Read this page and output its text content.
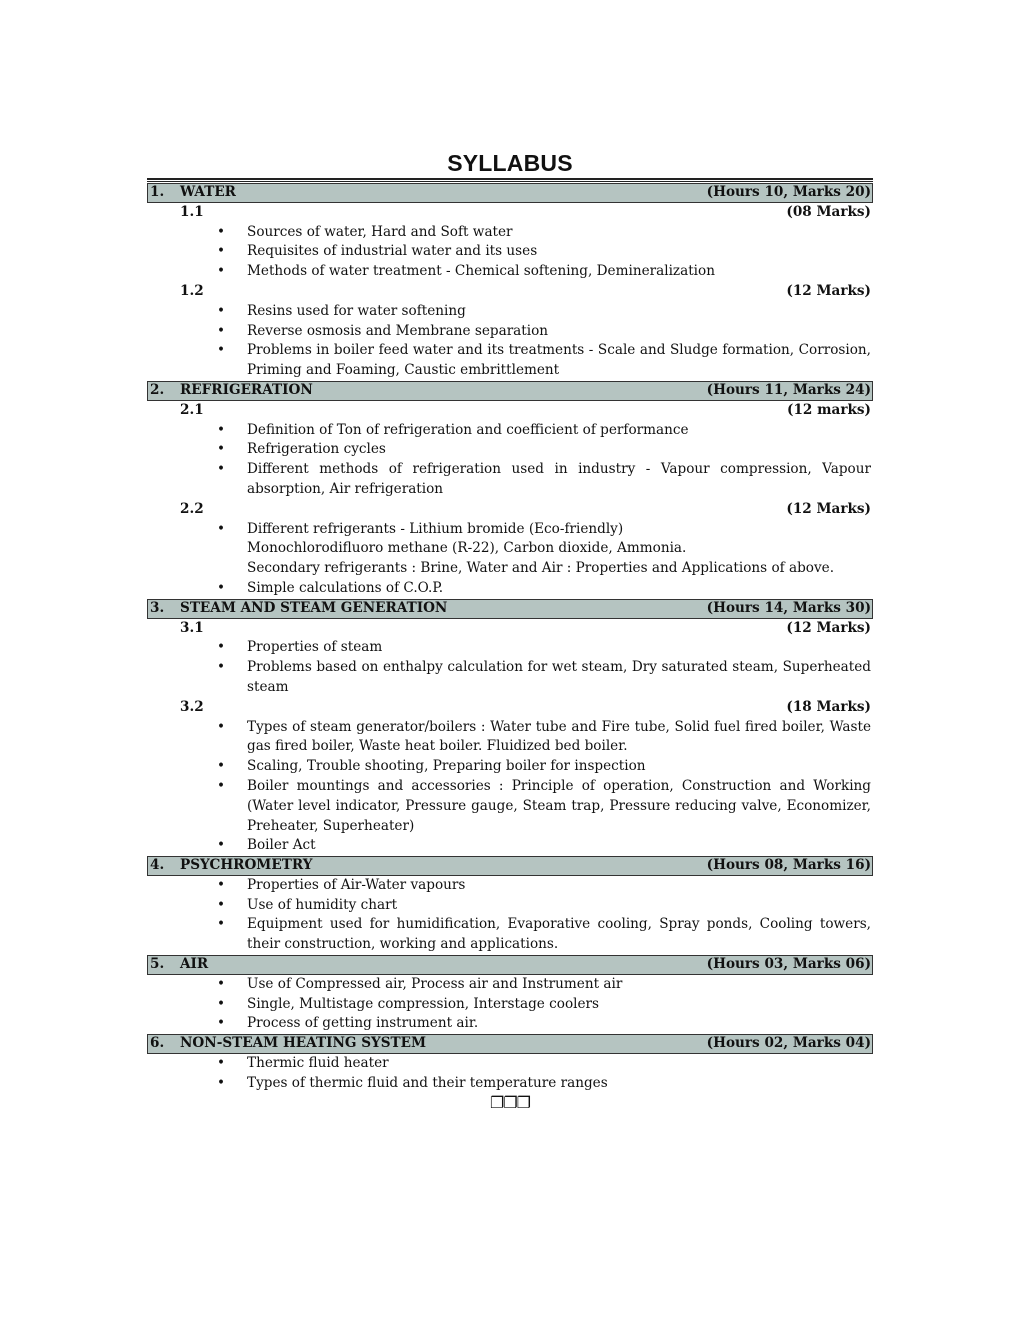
SYLLABUS
1. WATER	(Hours 10, Marks 20)
1.1	(08 Marks)
• Sources of water, Hard and Soft water

• Requisites of industrial water and its uses

• Methods of water treatment - Chemical softening, Demineralization

1.2	(12 Marks)
• Resins used for water softening

• Reverse osmosis and Membrane separation

• Problems in boiler feed water and its treatments - Scale and Sludge formation, Corrosion, Priming and Foaming, Caustic embrittlement

2. REFRIGERATION	(Hours 11, Marks 24)
2.1	(12 marks)
• Definition of Ton of refrigeration and coefficient of performance

• Refrigeration cycles

• Different methods of refrigeration used in industry - Vapour compression, Vapour absorption, Air refrigeration

2.2	(12 Marks)
• Different refrigerants - Lithium bromide (Eco-friendly)

Monochlorodifluoro methane (R-22), Carbon dioxide, Ammonia.

Secondary refrigerants : Brine, Water and Air : Properties and Applications of above.

• Simple calculations of C.O.P.

3. STEAM AND STEAM GENERATION	(Hours 14, Marks 30)
3.1	(12 Marks)
• Properties of steam

• Problems based on enthalpy calculation for wet steam, Dry saturated steam, Superheated steam

3.2	(18 Marks)
• Types of steam generator/boilers : Water tube and Fire tube, Solid fuel fired boiler, Waste gas fired boiler, Waste heat boiler. Fluidized bed boiler.

• Scaling, Trouble shooting, Preparing boiler for inspection

• Boiler mountings and accessories : Principle of operation, Construction and Working (Water level indicator, Pressure gauge, Steam trap, Pressure reducing valve, Economizer, Preheater, Superheater)

• Boiler Act

4. PSYCHROMETRY	(Hours 08, Marks 16)
• Properties of Air-Water vapours

• Use of humidity chart

• Equipment used for humidification, Evaporative cooling, Spray ponds, Cooling towers, their construction, working and applications.

5. AIR	(Hours 03, Marks 06)
• Use of Compressed air, Process air and Instrument air

• Single, Multistage compression, Interstage coolers

• Process of getting instrument air.

6. NON-STEAM HEATING SYSTEM	(Hours 02, Marks 04)
• Thermic fluid heater

• Types of thermic fluid and their temperature ranges

❐❐❐
